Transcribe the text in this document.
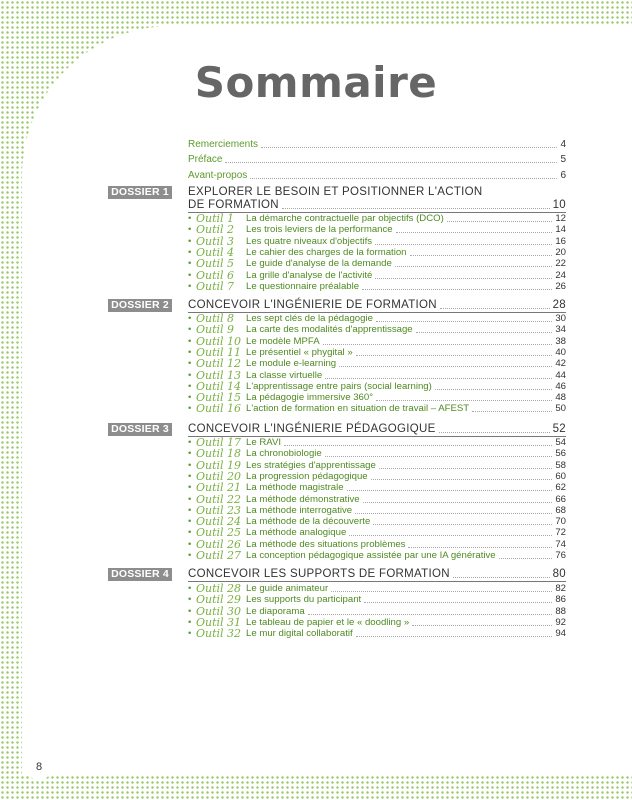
Sommaire
Remerciements	4
Préface	5
Avant-propos	6
DOSSIER 1 EXPLORER LE BESOIN ET POSITIONNER L'ACTION
DE FORMATION	10
• Outil 1	La démarche contractuelle par objectifs (DCO)	12
• Outil 2	Les trois leviers de la performance	14
• Outil 3	Les quatre niveaux d'objectifs	16
• Outil 4	Le cahier des charges de la formation	20
• Outil 5	Le guide d'analyse de la demande	22
• Outil 6	La grille d'analyse de l'activité	24
• Outil 7	Le questionnaire préalable	26
DOSSIER 2 CONCEVOIR L'INGÉNIERIE DE FORMATION	28
• Outil 8	Les sept clés de la pédagogie	30
• Outil 9	La carte des modalités d'apprentissage	34
• Outil 10 Le modèle MPFA	38
• Outil 11 Le présentiel « phygital »	40
• Outil 12 Le module e-learning	42
• Outil 13 La classe virtuelle	44
• Outil 14 L'apprentissage entre pairs (social learning)	46
• Outil 15 La pédagogie immersive 360°	48
• Outil 16 L'action de formation en situation de travail – AFEST	50
DOSSIER 3 CONCEVOIR L'INGÉNIERIE PÉDAGOGIQUE	52
• Outil 17 Le RAVI	54
• Outil 18 La chronobiologie	56
• Outil 19 Les stratégies d'apprentissage	58
• Outil 20 La progression pédagogique	60
• Outil 21 La méthode magistrale	62
• Outil 22 La méthode démonstrative	66
• Outil 23 La méthode interrogative	68
• Outil 24 La méthode de la découverte	70
• Outil 25 La méthode analogique	72
• Outil 26 La méthode des situations problèmes	74
• Outil 27 La conception pédagogique assistée par une IA générative	76
DOSSIER 4 CONCEVOIR LES SUPPORTS DE FORMATION	80
• Outil 28 Le guide animateur	82
• Outil 29 Les supports du participant	86
• Outil 30 Le diaporama	88
• Outil 31 Le tableau de papier et le « doodling »	92
• Outil 32 Le mur digital collaboratif	94
8
